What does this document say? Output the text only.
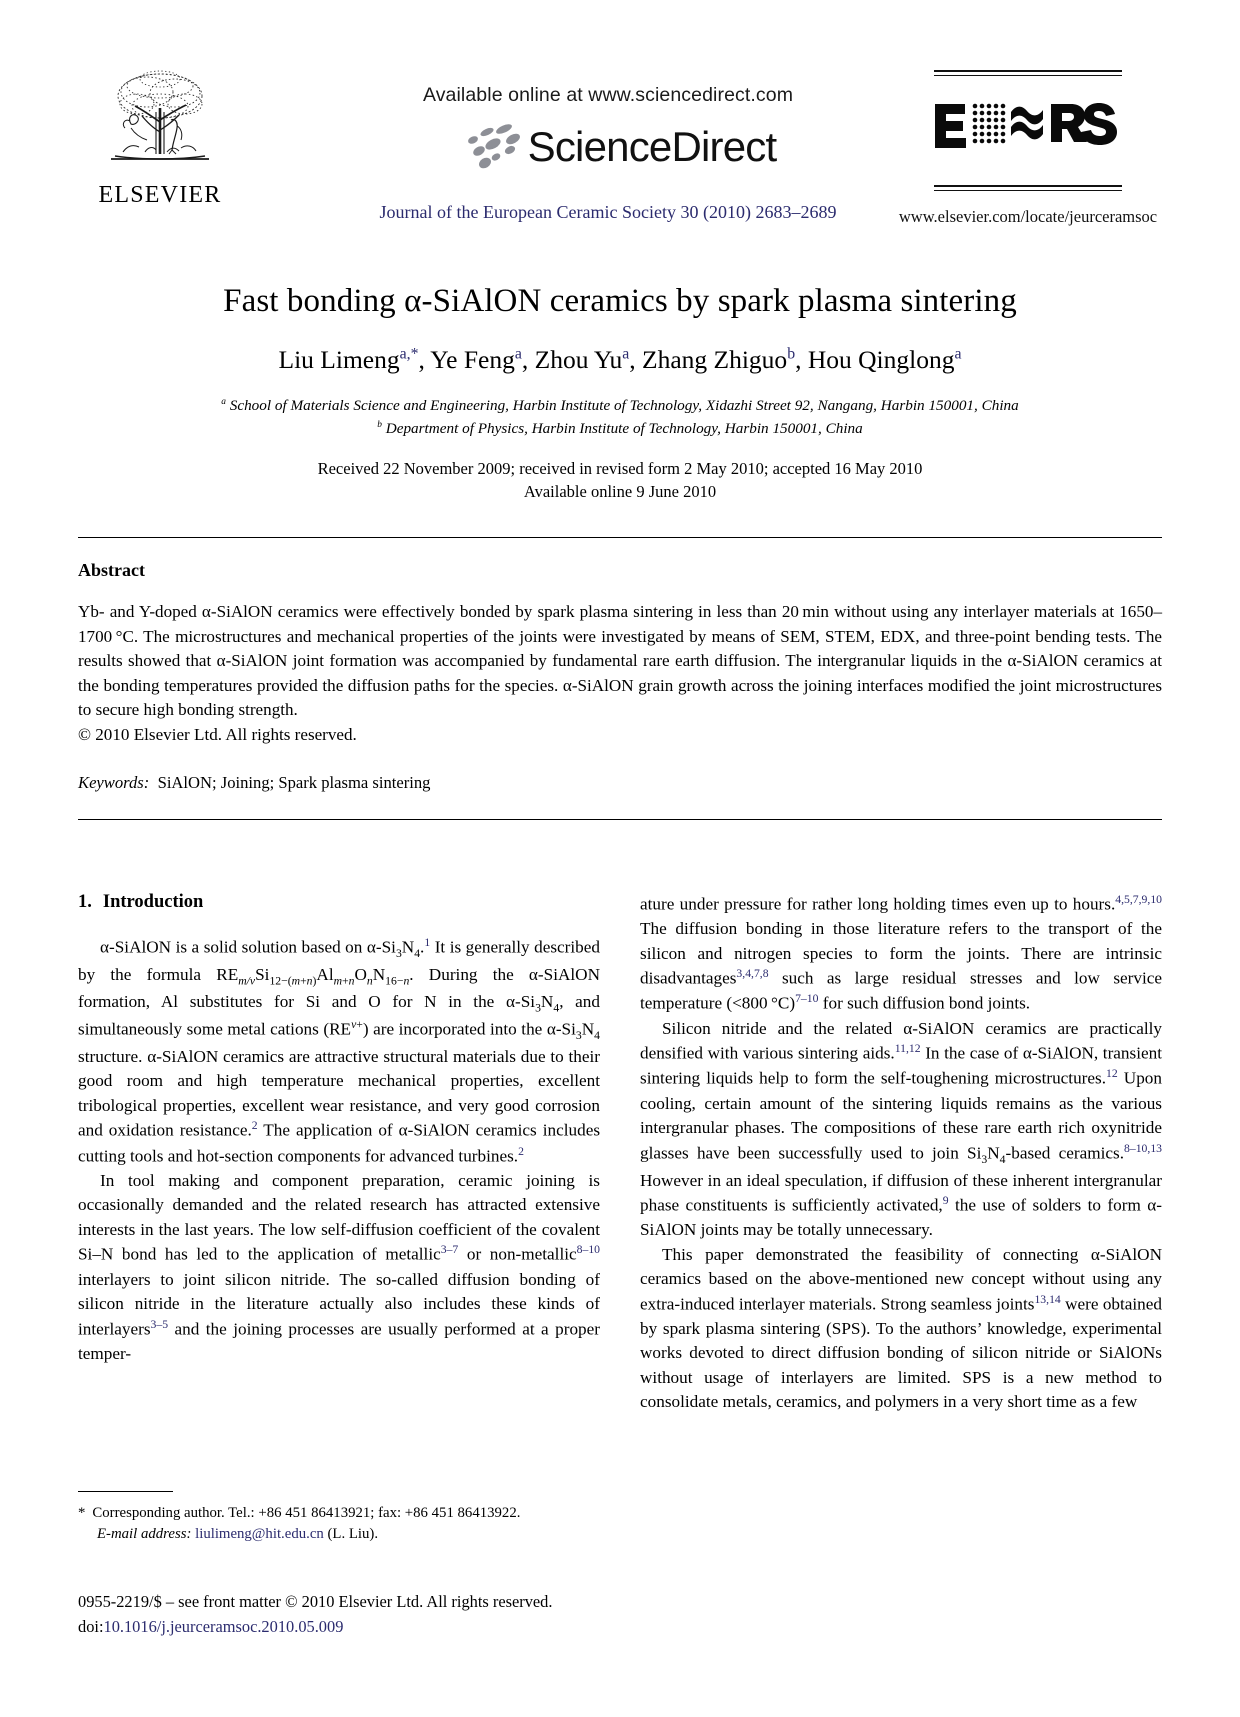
ELSEVIER
Available online at www.sciencedirect.com
ScienceDirect
Journal of the European Ceramic Society 30 (2010) 2683–2689	www.elsevier.com/locate/jeurceramsoc
Fast bonding α-SiAlON ceramics by spark plasma sintering
Liu Limeng$^{a,*}$, Ye Feng$^a$, Zhou Yu$^a$, Zhang Zhiguo$^b$, Hou Qinglong$^a$
$^a$ School of Materials Science and Engineering, Harbin Institute of Technology, Xidazhi Street 92, Nangang, Harbin 150001, China
$^b$ Department of Physics, Harbin Institute of Technology, Harbin 150001, China
Received 22 November 2009; received in revised form 2 May 2010; accepted 16 May 2010
Available online 9 June 2010
Abstract

Yb- and Y-doped α-SiAlON ceramics were effectively bonded by spark plasma sintering in less than 20 min without using any interlayer materials at 1650–1700 °C. The microstructures and mechanical properties of the joints were investigated by means of SEM, STEM, EDX, and three-point bending tests. The results showed that α-SiAlON joint formation was accompanied by fundamental rare earth diffusion. The intergranular liquids in the α-SiAlON ceramics at the bonding temperatures provided the diffusion paths for the species. α-SiAlON grain growth across the joining interfaces modified the joint microstructures to secure high bonding strength.

© 2010 Elsevier Ltd. All rights reserved.

Keywords: SiAlON; Joining; Spark plasma sintering
1. Introduction

α-SiAlON is a solid solution based on $\alpha-Si_3N_4.^1$ It is generally described by the formula $RE_{m/v}Si_{12-(m+n)}Al_{m+n}O_nN_{16-n}$. During the α-SiAlON formation, Al substitutes for Si and O for N in the $\alpha-Si_3N_4$, and simultaneously some metal cations $(RE^{v+})$ are incorporated into the $\alpha-Si_3N_4$ structure. α-SiAlON ceramics are attractive structural materials due to their good room and high temperature mechanical properties, excellent tribological properties, excellent wear resistance, and very good corrosion and oxidation resistance.$^2$ The application of α-SiAlON ceramics includes cutting tools and hot-section components for advanced turbines.$^2$

In tool making and component preparation, ceramic joining is occasionally demanded and the related research has attracted extensive interests in the last years. The low self-diffusion coefficient of the covalent Si–N bond has led to the application of metallic$^{3-7}$ or non-metallic$^{8-10}$ interlayers to joint silicon nitride. The so-called diffusion bonding of silicon nitride in the literature actually also includes these kinds of interlayers$^{3-5}$ and the joining processes are usually performed at a proper temper-

* Corresponding author. Tel.: +86 451 86413921; fax: +86 451 86413922.
E-mail address: liulimeng@hit.edu.cn (L. Liu).

ature under pressure for rather long holding times even up to hours.$^{4,5,7,9,10}$ The diffusion bonding in those literature refers to the transport of the silicon and nitrogen species to form the joints. There are intrinsic disadvantages$^{3,4,7,8}$ such as large residual stresses and low service temperature (<800 °C)$^{7-10}$ for such diffusion bond joints.

Silicon nitride and the related α-SiAlON ceramics are practically densified with various sintering aids.$^{11,12}$ In the case of α-SiAlON, transient sintering liquids help to form the self-toughening microstructures.$^{12}$ Upon cooling, certain amount of the sintering liquids remains as the various intergranular phases. The compositions of these rare earth rich oxynitride glasses have been successfully used to join $Si_3N_4$-based ceramics.$^{8-10,13}$ However in an ideal speculation, if diffusion of these inherent intergranular phase constituents is sufficiently activated,$^9$ the use of solders to form α-SiAlON joints may be totally unnecessary.

This paper demonstrated the feasibility of connecting α-SiAlON ceramics based on the above-mentioned new concept without using any extra-induced interlayer materials. Strong seamless joints$^{13,14}$ were obtained by spark plasma sintering (SPS). To the authors’ knowledge, experimental works devoted to direct diffusion bonding of silicon nitride or SiAlONs without usage of interlayers are limited. SPS is a new method to consolidate metals, ceramics, and polymers in a very short time as a few

0955-2219/$ – see front matter © 2010 Elsevier Ltd. All rights reserved.
doi:10.1016/j.jeurceramsoc.2010.05.009
